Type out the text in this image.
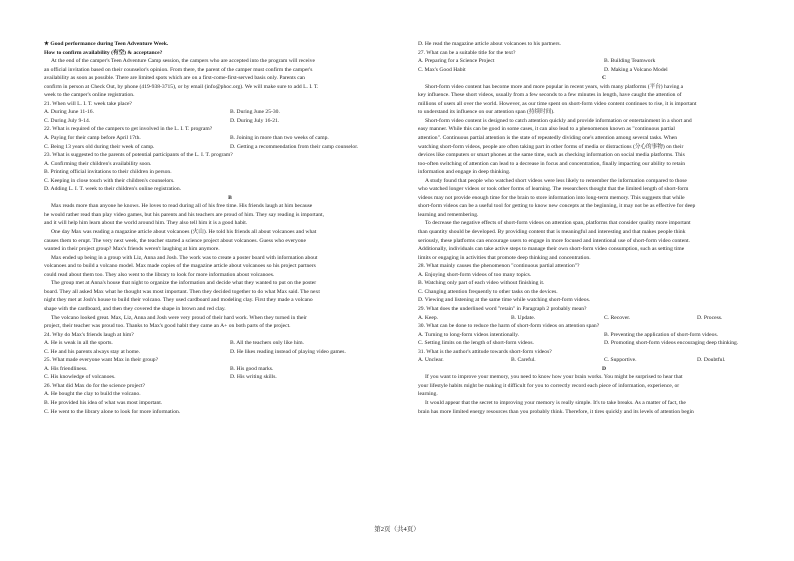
★ Good performance during Teen Adventure Week.
How to confirm availability (有空) & acceptance?
At the end of the camper's Teen Adventure Camp session, the campers who are accepted into the program will receive
an official invitation based on their counselor's opinion. From there, the parent of the camper must confirm the camper's
availability as soon as possible. There are limited spots which are on a first-come-first-served basis only. Parents can
confirm in person at Check Out, by phone (419-938-3715), or by email (info@phoc.org). We will make sure to add L. I. T.
week to the camper's online registration.
21. When will L. I. T. week take place?
A. During June 11-16.	B. During June 25-30.
C. During July 9-14.	D. During July 16-21.
22. What is required of the campers to get involved in the L. I. T. program?
A. Paying for their camp before April 17th.	B. Joining in more than two weeks of camp.
C. Being 13 years old during their week of camp.	D. Getting a recommendation from their camp counselor.
23. What is suggested to the parents of potential participants of the L. I. T. program?
A. Confirming their children's availability soon.
B. Printing official invitations to their children in person.
C. Keeping in close touch with their children's counselors.
D. Adding L. I. T. week to their children's online registration.
B
Max reads more than anyone he knows. He loves to read during all of his free time. His friends laugh at him because
he would rather read than play video games, but his parents and his teachers are proud of him. They say reading is important,
and it will help him learn about the world around him. They also tell him it is a good habit.
One day Max was reading a magazine article about volcanoes (火山). He told his friends all about volcanoes and what
causes them to erupt. The very next week, the teacher started a science project about volcanoes. Guess who everyone
wanted in their project group? Max's friends weren't laughing at him anymore.
Max ended up being in a group with Liz, Anna and Josh. The work was to create a poster board with information about
volcanoes and to build a volcano model. Max made copies of the magazine article about volcanoes so his project partners
could read about them too. They also went to the library to look for more information about volcanoes.
The group met at Anna's house that night to organize the information and decide what they wanted to put on the poster
board. They all asked Max what he thought was most important. Then they decided together to do what Max said. The next
night they met at Josh's house to build their volcano. They used cardboard and modeling clay. First they made a volcano
shape with the cardboard, and then they covered the shape in brown and red clay.
The volcano looked great. Max, Liz, Anna and Josh were very proud of their hard work. When they turned in their
project, their teacher was proud too. Thanks to Max's good habit they came an A+ on both parts of the project.
24. Why do Max's friends laugh at him?
A. He is weak in all the sports.	B. All the teachers only like him.
C. He and his parents always stay at home.	D. He likes reading instead of playing video games.
25. What made everyone want Max in their group?
A. His friendliness.	B. His good marks.
C. His knowledge of volcanoes.	D. His writing skills.
26. What did Max do for the science project?
A. He bought the clay to build the volcano.
B. He provided his idea of what was most important.
C. He went to the library alone to look for more information.
D. He read the magazine article about volcanoes to his partners.
27. What can be a suitable title for the text?
A. Preparing for a Science Project	B. Building Teamwork
C. Max's Good Habit	D. Making a Volcano Model
C
Short-form video content has become more and more popular in recent years, with many platforms (平台) having a
key influence. These short videos, usually from a few seconds to a few minutes in length, have caught the attention of
millions of users all over the world. However, as our time spent on short-form video content continues to rise, it is important
to understand its influence on our attention span (持续时间).
Short-form video content is designed to catch attention quickly and provide information or entertainment in a short and
easy manner. While this can be good in some cases, it can also lead to a phenomenon known as "continuous partial
attention". Continuous partial attention is the state of repeatedly dividing one's attention among several tasks. When
watching short-form videos, people are often taking part in other forms of media or distractions (分心的事物) on their
devices like computers or smart phones at the same time, such as checking information on social media platforms. This
too-often switching of attention can lead to a decrease in focus and concentration, finally impacting our ability to retain
information and engage in deep thinking.
A study found that people who watched short videos were less likely to remember the information compared to those
who watched longer videos or took other forms of learning. The researchers thought that the limited length of short-form
videos may not provide enough time for the brain to store information into long-term memory. This suggests that while
short-form videos can be a useful tool for getting to know new concepts at the beginning, it may not be as effective for deep
learning and remembering.
To decrease the negative effects of short-form videos on attention span, platforms that consider quality more important
than quantity should be developed. By providing content that is meaningful and interesting and that makes people think
seriously, these platforms can encourage users to engage in more focused and intentional use of short-form video content.
Additionally, individuals can take active steps to manage their own short-form video consumption, such as setting time
limits or engaging in activities that promote deep thinking and concentration.
28. What mainly causes the phenomenon "continuous partial attention"?
A. Enjoying short-form videos of too many topics.
B. Watching only part of each video without finishing it.
C. Changing attention frequently to other tasks on the devices.
D. Viewing and listening at the same time while watching short-form videos.
29. What does the underlined word "retain" in Paragraph 2 probably mean?
A. Keep.	B. Update.	C. Recover.	D. Process.
30. What can be done to reduce the harm of short-form videos on attention span?
A. Turning to long-form videos intentionally.	B. Preventing the application of short-form videos.
C. Setting limits on the length of short-form videos.	D. Promoting short-form videos encouraging deep thinking.
31. What is the author's attitude towards short-form videos?
A. Unclear.	B. Careful.	C. Supportive.	D. Doubtful.
D
If you want to improve your memory, you need to know how your brain works. You might be surprised to hear that
your lifestyle habits might be making it difficult for you to correctly record each piece of information, experience, or
learning.
It would appear that the secret to improving your memory is really simple. It's to take breaks. As a matter of fact, the
brain has more limited energy resources than you probably think. Therefore, it tires quickly and its levels of attention begin
第2页（共4页）
